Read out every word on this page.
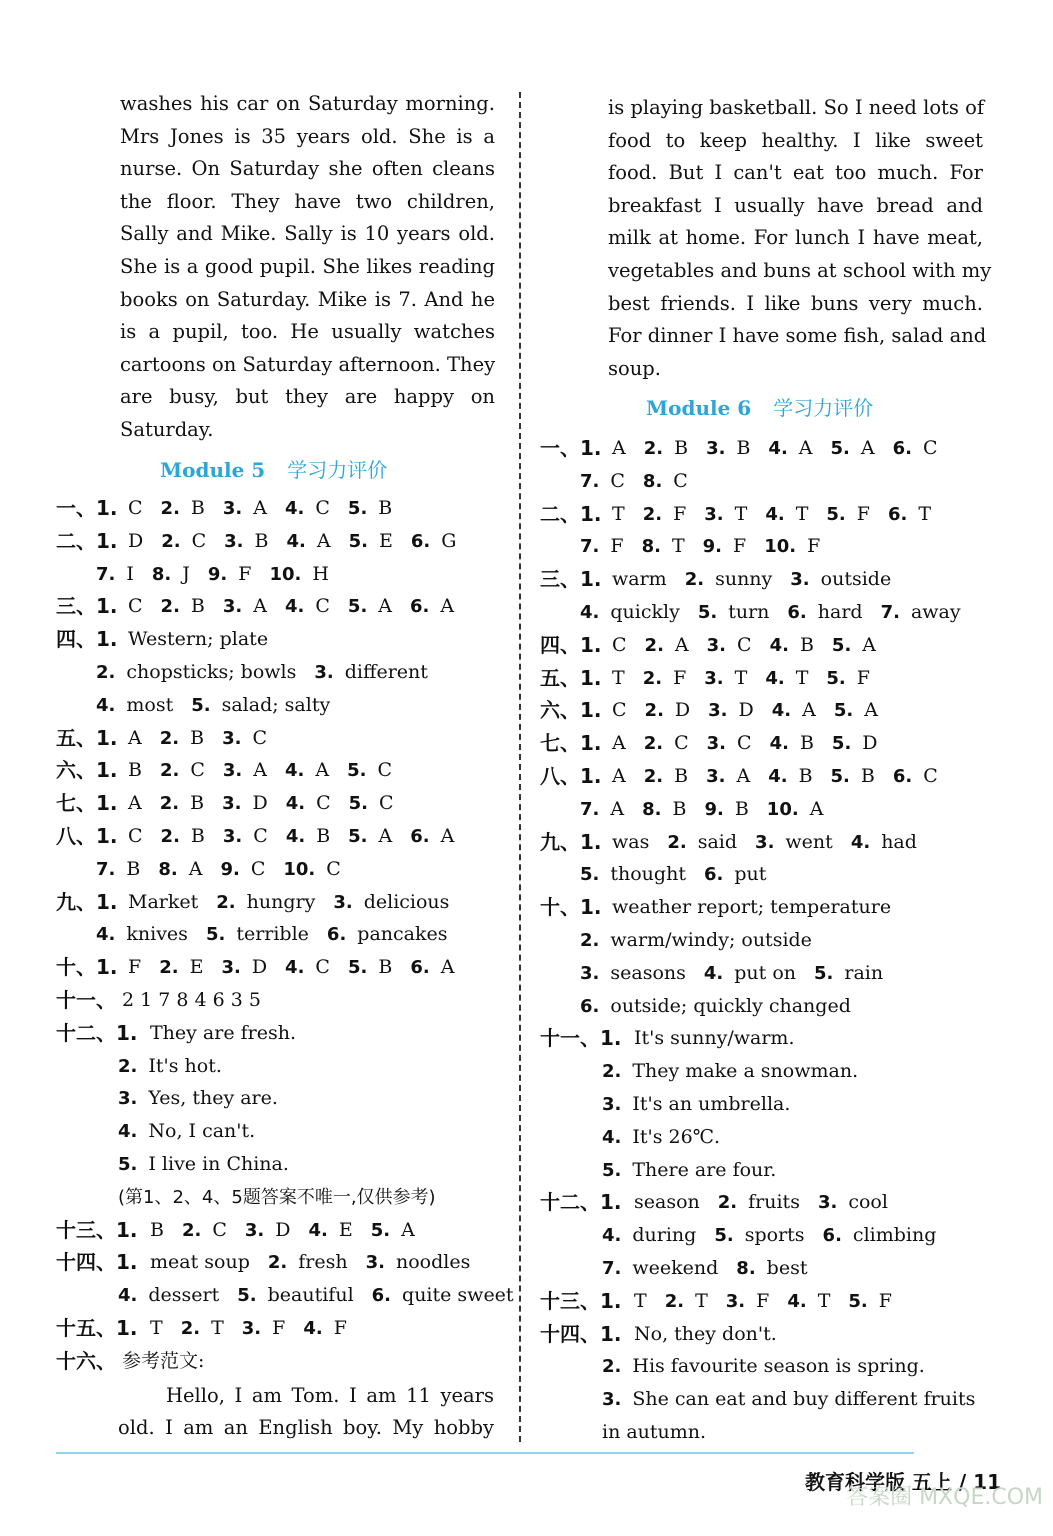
washes his car on Saturday morning.
Mrs Jones is 35 years old. She is a
nurse. On Saturday she often cleans
the floor. They have two children,
Sally and Mike. Sally is 10 years old.
She is a good pupil. She likes reading
books on Saturday. Mike is 7. And he
is a pupil, too. He usually watches
cartoons on Saturday afternoon. They
are busy, but they are happy on
Saturday.
Module 5 学习力评价
一、1. C 2. B 3. A 4. C 5. B
二、1. D 2. C 3. B 4. A 5. E 6. G
7. I 8. J 9. F 10. H
三、1. C 2. B 3. A 4. C 5. A 6. A
四、1. Western; plate
2. chopsticks; bowls 3. different
4. most 5. salad; salty
五、1. A 2. B 3. C
六、1. B 2. C 3. A 4. A 5. C
七、1. A 2. B 3. D 4. C 5. C
八、1. C 2. B 3. C 4. B 5. A 6. A
7. B 8. A 9. C 10. C
九、1. Market 2. hungry 3. delicious
4. knives 5. terrible 6. pancakes
十、1. F 2. E 3. D 4. C 5. B 6. A
十一、 2 1 7 8 4 6 3 5
十二、1. They are fresh.
2. It's hot.
3. Yes, they are.
4. No, I can't.
5. I live in China.
(第1、2、4、5题答案不唯一,仅供参考)
十三、1. B 2. C 3. D 4. E 5. A
十四、1. meat soup 2. fresh 3. noodles
4. dessert 5. beautiful 6. quite sweet
十五、1. T 2. T 3. F 4. F
十六、 参考范文:
Hello, I am Tom. I am 11 years
old. I am an English boy. My hobby
is playing basketball. So I need lots of
food to keep healthy. I like sweet
food. But I can't eat too much. For
breakfast I usually have bread and
milk at home. For lunch I have meat,
vegetables and buns at school with my
best friends. I like buns very much.
For dinner I have some fish, salad and
soup.
Module 6 学习力评价
一、1. A 2. B 3. B 4. A 5. A 6. C
7. C 8. C
二、1. T 2. F 3. T 4. T 5. F 6. T
7. F 8. T 9. F 10. F
三、1. warm 2. sunny 3. outside
4. quickly 5. turn 6. hard 7. away
四、1. C 2. A 3. C 4. B 5. A
五、1. T 2. F 3. T 4. T 5. F
六、1. C 2. D 3. D 4. A 5. A
七、1. A 2. C 3. C 4. B 5. D
八、1. A 2. B 3. A 4. B 5. B 6. C
7. A 8. B 9. B 10. A
九、1. was 2. said 3. went 4. had
5. thought 6. put
十、1. weather report; temperature
2. warm/windy; outside
3. seasons 4. put on 5. rain
6. outside; quickly changed
十一、1. It's sunny/warm.
2. They make a snowman.
3. It's an umbrella.
4. It's 26℃.
5. There are four.
十二、1. season 2. fruits 3. cool
4. during 5. sports 6. climbing
7. weekend 8. best
十三、1. T 2. T 3. F 4. T 5. F
十四、1. No, they don't.
2. His favourite season is spring.
3. She can eat and buy different fruits
in autumn.
教育科学版 五上 / 11
答案圈 MXQE.COM
